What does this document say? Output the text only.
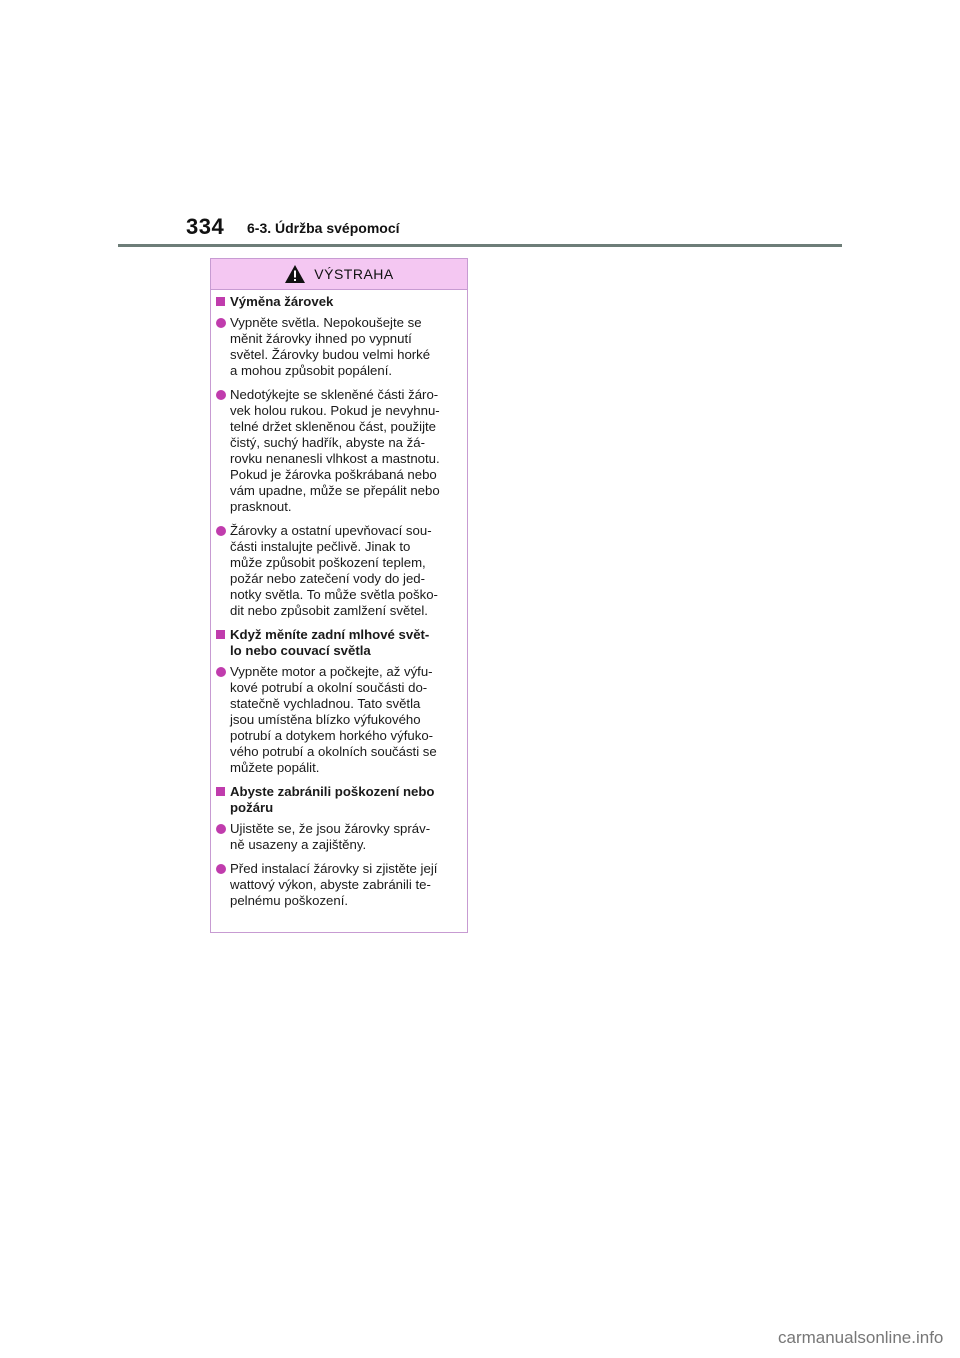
334 6-3. Údržba svépomocí
VÝSTRAHA
Výměna žárovek
Vypněte světla. Nepokoušejte se
měnit žárovky ihned po vypnutí
světel. Žárovky budou velmi horké
a mohou způsobit popálení.
Nedotýkejte se skleněné části žáro-
vek holou rukou. Pokud je nevyhnu-
telné držet skleněnou část, použijte
čistý, suchý hadřík, abyste na žá-
rovku nenanesli vlhkost a mastnotu.
Pokud je žárovka poškrábaná nebo
vám upadne, může se přepálit nebo
prasknout.
Žárovky a ostatní upevňovací sou-
části instalujte pečlivě. Jinak to
může způsobit poškození teplem,
požár nebo zatečení vody do jed-
notky světla. To může světla poško-
dit nebo způsobit zamlžení světel.
Když měníte zadní mlhové svět-
lo nebo couvací světla
Vypněte motor a počkejte, až výfu-
kové potrubí a okolní součásti do-
statečně vychladnou. Tato světla
jsou umístěna blízko výfukového
potrubí a dotykem horkého výfuko-
vého potrubí a okolních součásti se
můžete popálit.
Abyste zabránili poškození nebo
požáru
Ujistěte se, že jsou žárovky správ-
ně usazeny a zajištěny.
Před instalací žárovky si zjistěte její
wattový výkon, abyste zabránili te-
pelnému poškození.
carmanualsonline.info
